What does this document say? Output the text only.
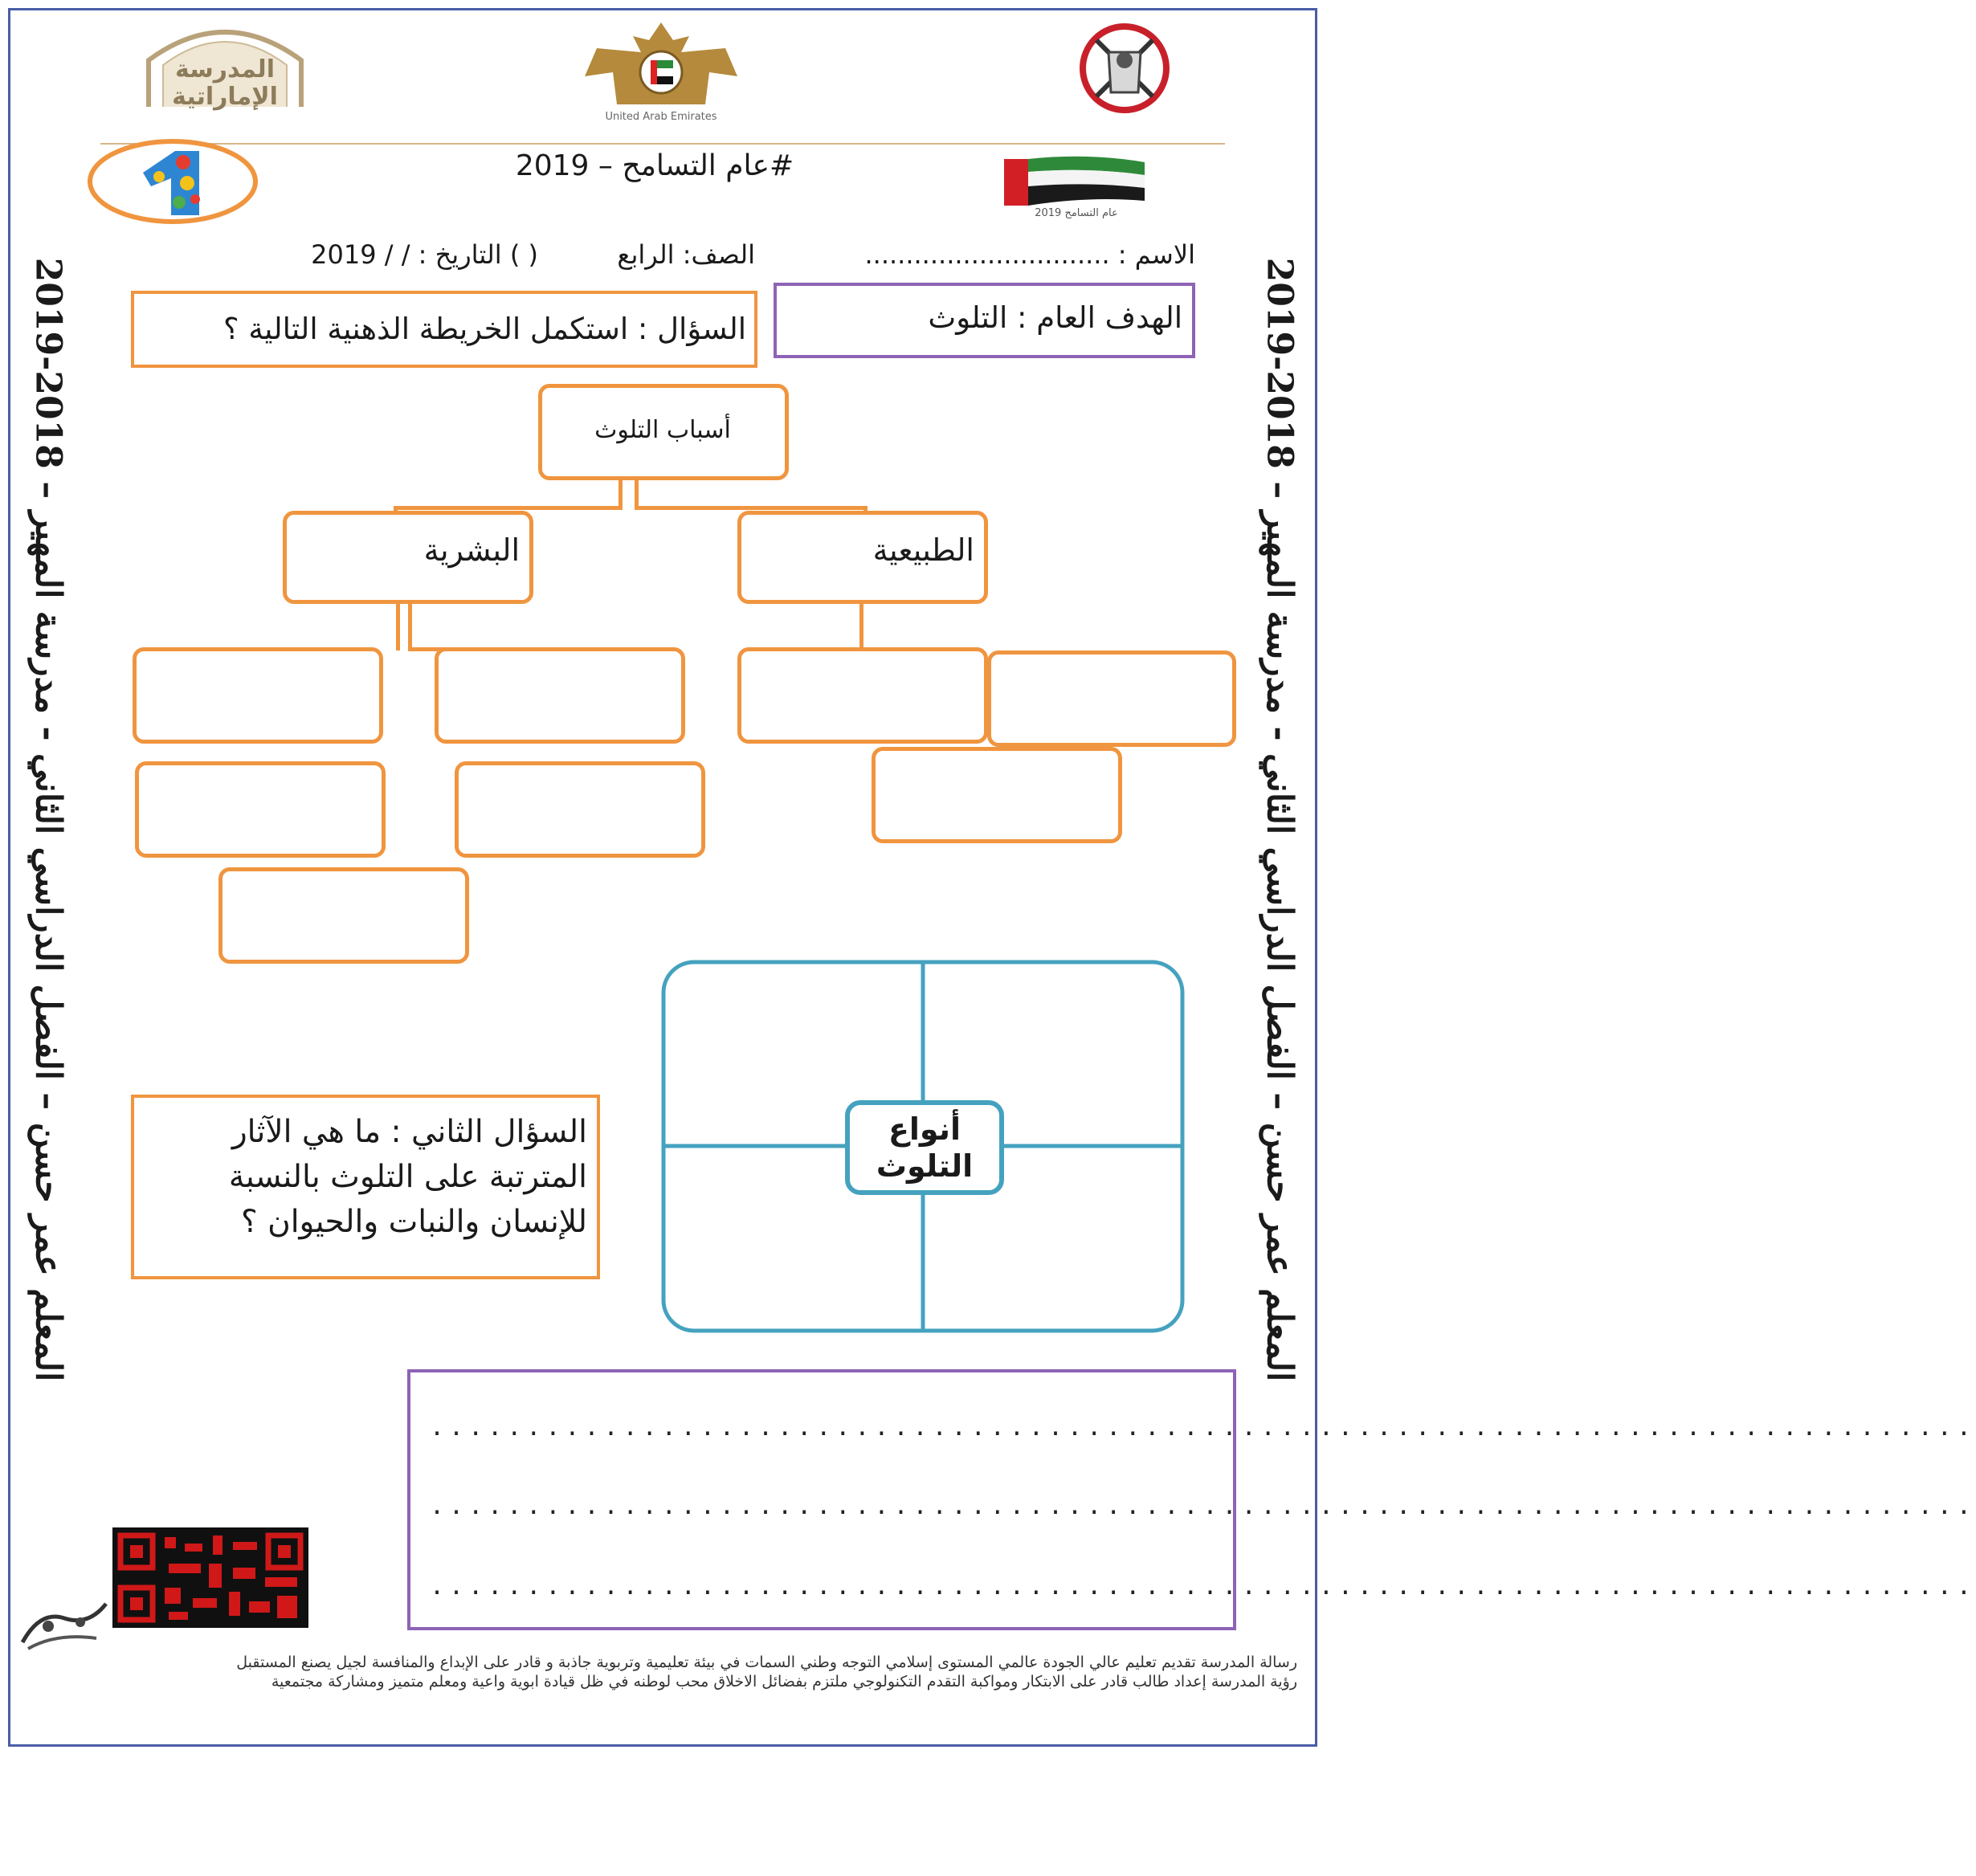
المعلم عمر حسن – الفصل الدراسي الثاني - مدرسة المهير – 2018-2019
المعلم عمر حسن – الفصل الدراسي الثاني - مدرسة المهير – 2018-2019
المدرسة الإماراتية
United Arab Emirates
#عام التسامح – 2019
عام التسامح 2019
الاسم : ..............................
الصف: الرابع
( ) التاريخ : / / 2019
الهدف العام : التلوث
السؤال : استكمل الخريطة الذهنية التالية ؟
أسباب التلوث
البشرية	الطبيعية
أنواع التلوث
السؤال الثاني : ما هي الآثار المترتبة على التلوث بالنسبة للإنسان والنبات والحيوان ؟
................................................................................
................................................................................
................................................................................
رسالة المدرسة تقديم تعليم عالي الجودة عالمي المستوى إسلامي التوجه وطني السمات في بيئة تعليمية وتربوية جاذبة و قادر على الإبداع والمنافسة لجيل يصنع المستقبل
رؤية المدرسة إعداد طالب قادر على الابتكار ومواكبة التقدم التكنولوجي ملتزم بفضائل الاخلاق محب لوطنه في ظل قيادة ابوية واعية ومعلم متميز ومشاركة مجتمعية
